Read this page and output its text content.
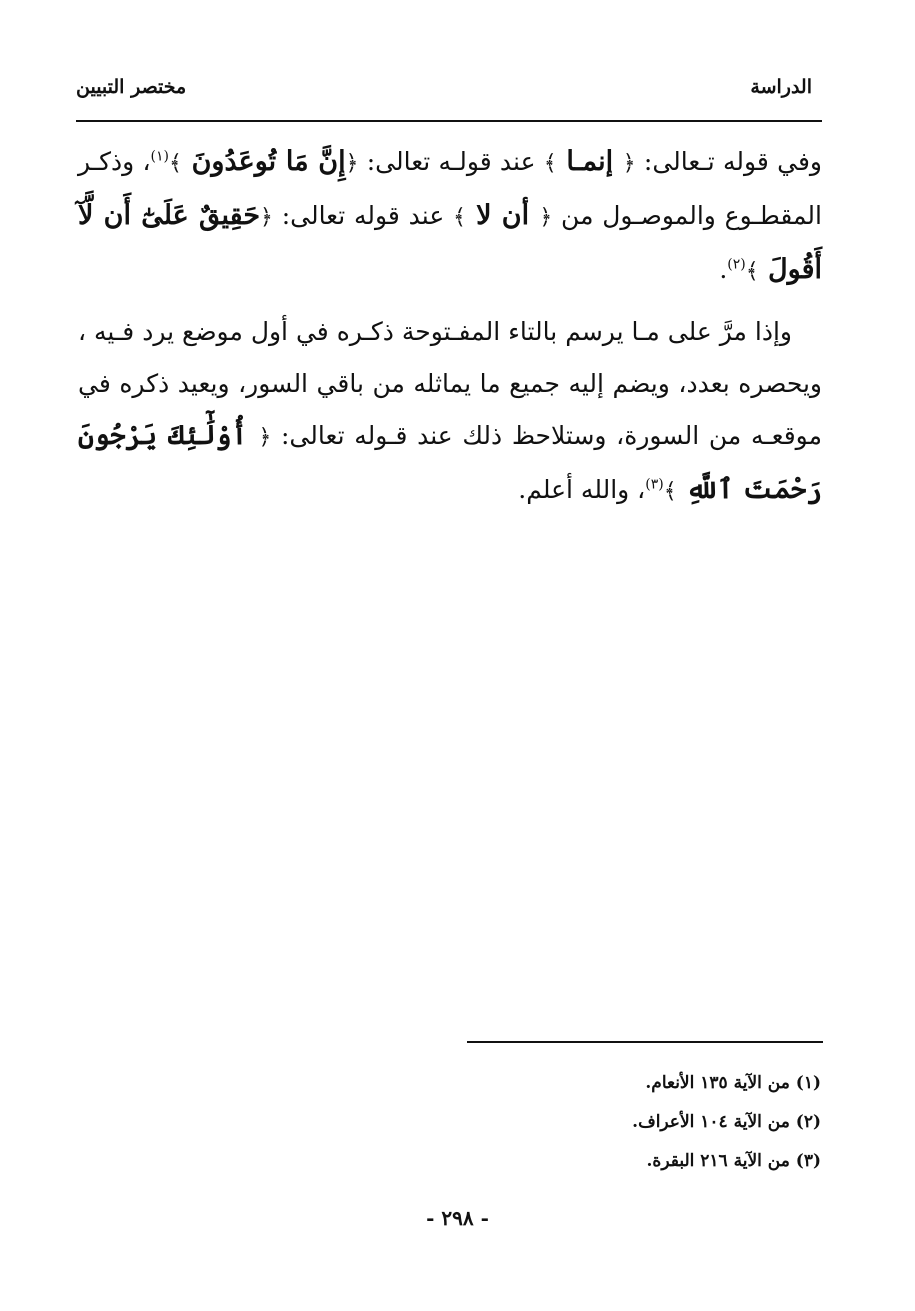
الدراسة
مختصر التبيين

وفي قوله تـعالى: ﴿ إنمـا ﴾ عند قولـه تعالى: ﴿إِنَّ مَا تُوعَدُونَ ﴾$^{(١)}$، وذكـر المقطـوع والموصـول من ﴿ أن لا ﴾ عند قوله تعالى: ﴿حَقِيقٌ عَلَىٰٓ أَن لَّآ أَقُولَ ﴾$^{(٢)}$.

وإذا مرَّ على مـا يرسم بالتاء المفـتوحة ذكـره في أول موضع يرد فـيه ، ويحصره بعدد، ويضم إليه جميع ما يماثله من باقي السور، ويعيد ذكره في موقعـه من السورة، وستلاحظ ذلك عند قـوله تعالى: ﴿ أُوْلَٰٓئِكَ يَرْجُونَ رَحْمَتَ ٱللَّهِ ﴾$^{(٣)}$، والله أعلم.

(١) من الآية ١٣٥ الأنعام.
(٢) من الآية ١٠٤ الأعراف.
(٣) من الآية ٢١٦ البقرة.
- ٢٩٨ -
